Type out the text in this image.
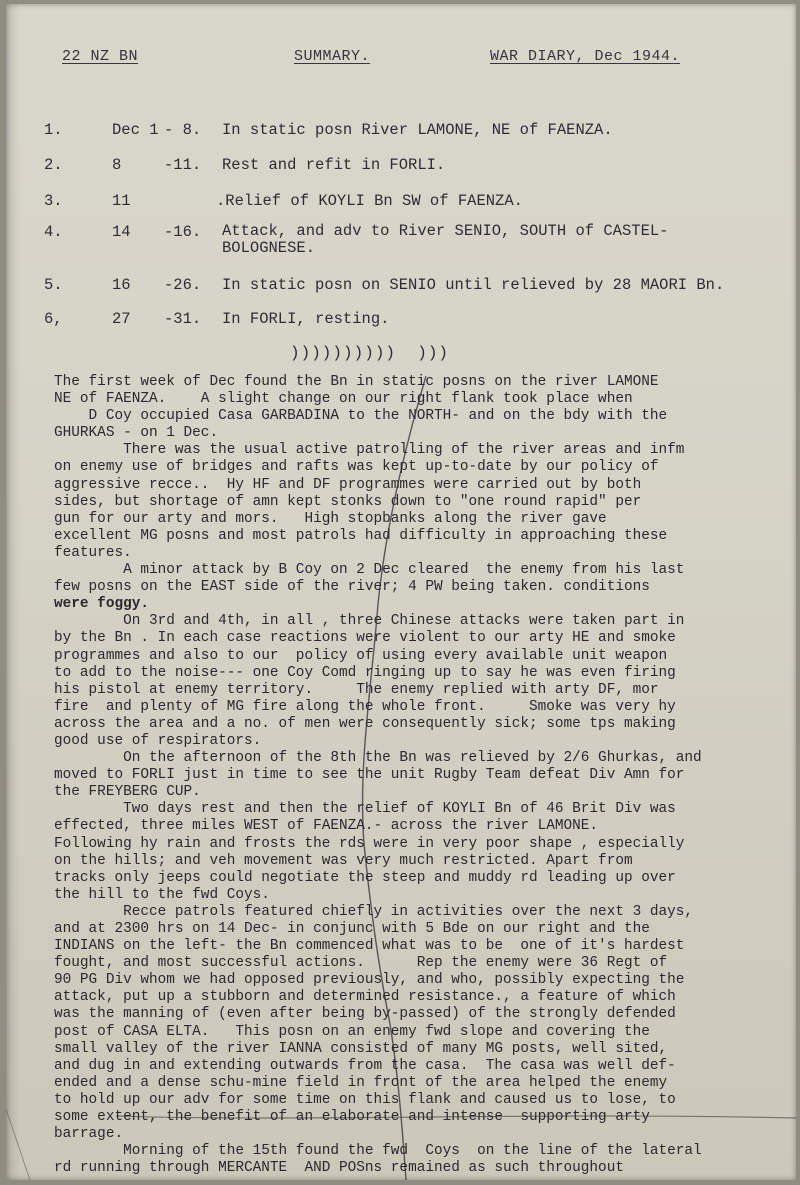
22 NZ BN	SUMMARY.	WAR DIARY, Dec 1944.
1.	Dec 1 - 8. In static posn River LAMONE, NE of FAENZA.
2.	8	-11. Rest and refit in FORLI.
3.	11	.Relief of KOYLI Bn SW of FAENZA.
4.	14 -16. Attack, and adv to River SENIO, SOUTH of CASTEL-
BOLOGNESE.
5.	16 -26. In static posn on SENIO until relieved by 28 MAORI Bn.
6,	27 -31. In FORLI, resting.
))))))))))  )))
The first week of Dec found the Bn in static posns on the river LAMONE
NE of FAENZA.    A slight change on our right flank took place when
D Coy occupied Casa GARBADINA to the NORTH- and on the bdy with the
GHURKAS - on 1 Dec.
There was the usual active patrolling of the river areas and infm
on enemy use of bridges and rafts was kept up-to-date by our policy of
aggressive recce..  Hy HF and DF programmes were carried out by both
sides, but shortage of amn kept stonks down to "one round rapid" per
gun for our arty and mors.   High stopbanks along the river gave
excellent MG posns and most patrols had difficulty in approaching these
features.
A minor attack by B Coy on 2 Dec cleared  the enemy from his last
few posns on the EAST side of the river; 4 PW being taken. conditions
were foggy.
On 3rd and 4th, in all , three Chinese attacks were taken part in
by the Bn . In each case reactions were violent to our arty HE and smoke
programmes and also to our  policy of using every available unit weapon
to add to the noise--- one Coy Comd ringing up to say he was even firing
his pistol at enemy territory.     The enemy replied with arty DF, mor
fire  and plenty of MG fire along the whole front.     Smoke was very hy
across the area and a no. of men were consequently sick; some tps making
good use of respirators.
On the afternoon of the 8th the Bn was relieved by 2/6 Ghurkas, and
moved to FORLI just in time to see the unit Rugby Team defeat Div Amn for
the FREYBERG CUP.
Two days rest and then the relief of KOYLI Bn of 46 Brit Div was
effected, three miles WEST of FAENZA.- across the river LAMONE.
Following hy rain and frosts the rds were in very poor shape , especially
on the hills; and veh movement was very much restricted. Apart from
tracks only jeeps could negotiate the steep and muddy rd leading up over
the hill to the fwd Coys.
Recce patrols featured chiefly in activities over the next 3 days,
and at 2300 hrs on 14 Dec- in conjunc with 5 Bde on our right and the
INDIANS on the left- the Bn commenced what was to be  one of it's hardest
fought, and most successful actions.      Rep the enemy were 36 Regt of
90 PG Div whom we had opposed previously, and who, possibly expecting the
attack, put up a stubborn and determined resistance., a feature of which
was the manning of (even after being by-passed) of the strongly defended
post of CASA ELTA.   This posn on an enemy fwd slope and covering the
small valley of the river IANNA consisted of many MG posts, well sited,
and dug in and extending outwards from the casa.  The casa was well def-
ended and a dense schu-mine field in front of the area helped the enemy
to hold up our adv for some time on this flank and caused us to lose, to
some extent, the benefit of an elaborate and intense  supporting arty
barrage.
Morning of the 15th found the fwd  Coys  on the line of the lateral
rd running through MERCANTE  AND POSns remained as such throughout
